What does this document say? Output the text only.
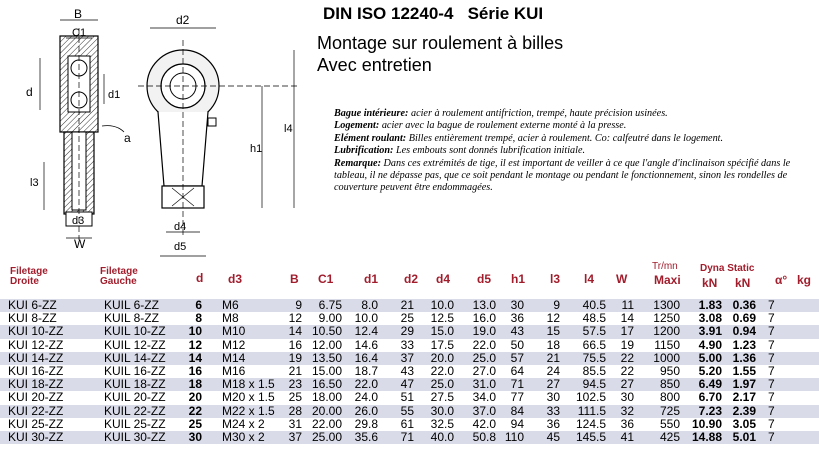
B
C1
d	d1
a
l3
d3
W
d2
h1
l4
d4
d5
DIN ISO 12240-4   Série KUI
Montage sur roulement à billes
Avec entretien
Bague intérieure: acier à roulement antifriction, trempé, haute précision usinées.
Logement: acier avec la bague de roulement externe monté à la presse.
Elément roulant: Billes entièrement trempé, acier à roulement. Co: calfeutré dans le logement.
Lubrification: Les embouts sont donnés lubrification initiale.
Remarque: Dans ces extrémités de tige, il est important de veiller à ce que l'angle d'inclinaison spécifié dans le tableau, il ne dépasse pas, que ce soit pendant le montage ou pendant le fonctionnement, sinon les rondelles de couverture peuvent être endommagées.
Filetage Droite
Filetage Gauche	d d3	B C1	d1 d2 d4 d5 h1 l3 l4 W
Tr/mn
Maxi
Dyna Static
kN kN α° kg
KUI 6-ZZ	KUIL 6-ZZ	6 M6	9	6.75	8.0	21	10.0	13.0	30	9	40.5	11	1300	1.83 0.36 7
KUI 8-ZZ	KUIL 8-ZZ	8 M8	12	9.00	10.0	25	12.5	16.0	36	12	48.5	14	1250	3.08 0.69 7
KUI 10-ZZ	KUIL 10-ZZ	10 M10	14 10.50	12.4	29	15.0	19.0	43	15	57.5	17	1200	3.91 0.94 7
KUI 12-ZZ	KUIL 12-ZZ	12 M12	16 12.00	14.6	33	17.5	22.0	50	18	66.5	19	1150	4.90 1.23 7
KUI 14-ZZ	KUIL 14-ZZ	14 M14	19 13.50	16.4	37	20.0	25.0	57	21	75.5	22	1000	5.00 1.36 7
KUI 16-ZZ	KUIL 16-ZZ	16 M16	21 15.00	18.7	43	22.0	27.0	64	24	85.5	22	950	5.20 1.55 7
KUI 18-ZZ	KUIL 18-ZZ	18 M18 x 1.5	23 16.50	22.0	47	25.0	31.0	71	27	94.5	27	850	6.49 1.97 7
KUI 20-ZZ	KUIL 20-ZZ	20 M20 x 1.5	25 18.00	24.0	51	27.5	34.0	77	30	102.5	30	800	6.70 2.17 7
KUI 22-ZZ	KUIL 22-ZZ	22 M22 x 1.5	28 20.00	26.0	55	30.0	37.0	84	33	111.5	32	725	7.23 2.39 7
KUI 25-ZZ	KUIL 25-ZZ	25 M24 x 2	31 22.00	29.8	61	32.5	42.0	94	36	124.5	36	550 10.90 3.05 7
KUI 30-ZZ	KUIL 30-ZZ	30 M30 x 2	37 25.00	35.6	71	40.0	50.8 110	45	145.5	41	425 14.88 5.01 7
